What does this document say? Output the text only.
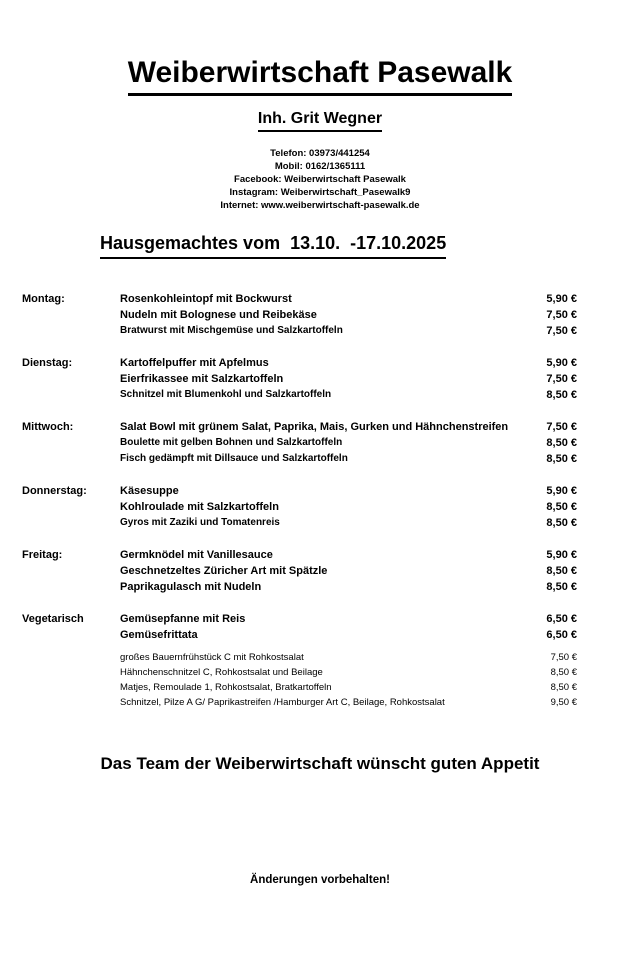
Weiberwirtschaft Pasewalk
Inh. Grit Wegner
Telefon: 03973/441254
Mobil: 0162/1365111
Facebook: Weiberwirtschaft Pasewalk
Instagram: Weiberwirtschaft_Pasewalk9
Internet: www.weiberwirtschaft-pasewalk.de
Hausgemachtes vom  13.10.  -17.10.2025
Montag:	Rosenkohleintopf mit Bockwurst	5,90 €
Nudeln mit Bolognese und Reibekäse	7,50 €
Bratwurst mit Mischgemüse und Salzkartoffeln	7,50 €
Dienstag:	Kartoffelpuffer mit Apfelmus	5,90 €
Eierfrikassee mit Salzkartoffeln	7,50 €
Schnitzel mit Blumenkohl und Salzkartoffeln	8,50 €
Mittwoch:	Salat Bowl mit grünem Salat, Paprika, Mais, Gurken und Hähnchenstreifen	7,50 €
Boulette mit gelben Bohnen und Salzkartoffeln	8,50 €
Fisch gedämpft mit Dillsauce und Salzkartoffeln	8,50 €
Donnerstag:	Käsesuppe	5,90 €
Kohlroulade mit Salzkartoffeln	8,50 €
Gyros mit Zaziki und Tomatenreis	8,50 €
Freitag:	Germknödel mit Vanillesauce	5,90 €
Geschnetzeltes Züricher Art mit Spätzle	8,50 €
Paprikagulasch mit Nudeln	8,50 €
Vegetarisch	Gemüsepfanne mit Reis	6,50 €
Gemüsefrittata	6,50 €
großes Bauernfrühstück C mit Rohkostsalat	7,50 €
Hähnchenschnitzel C, Rohkostsalat und Beilage	8,50 €
Matjes, Remoulade 1, Rohkostsalat, Bratkartoffeln	8,50 €
Schnitzel, Pilze A G/ Paprikastreifen /Hamburger Art C, Beilage, Rohkostsalat	9,50 €

Das Team der Weiberwirtschaft wünscht guten Appetit

Änderungen vorbehalten!
